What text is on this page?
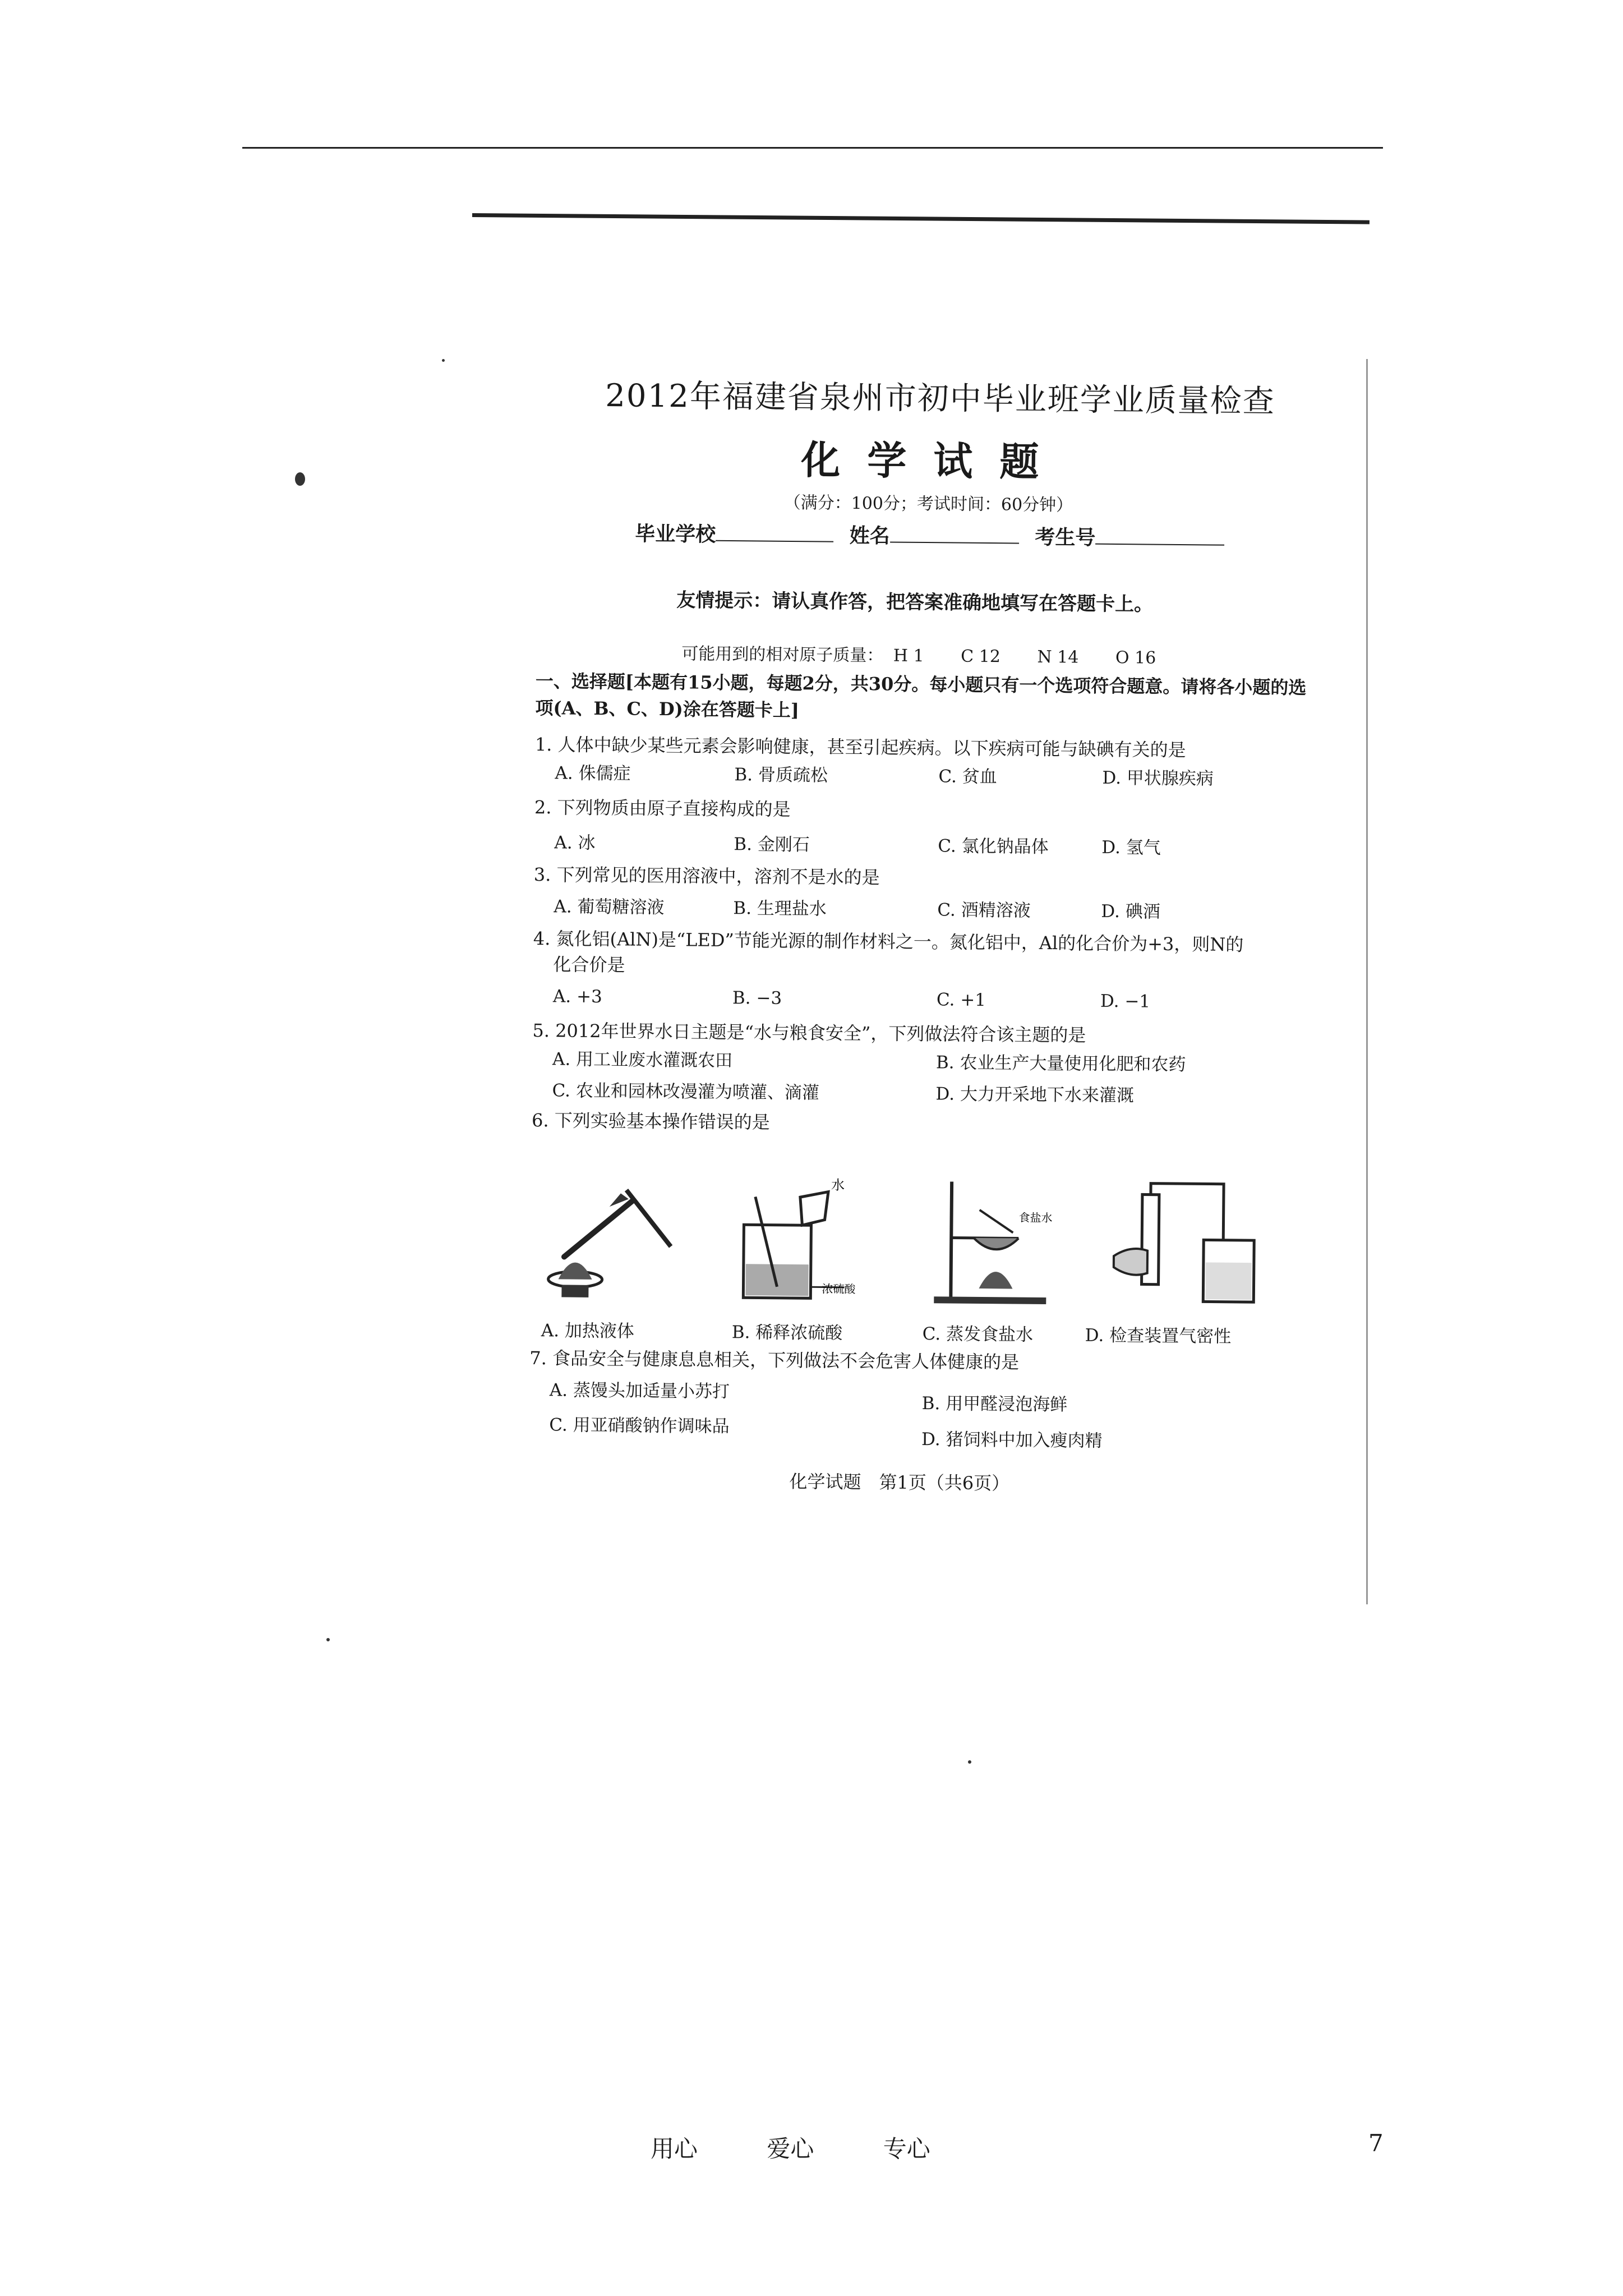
2012年福建省泉州市初中毕业班学业质量检查
化学试题
（满分：100分；考试时间：60分钟）
毕业学校	姓名	考生号
友情提示：请认真作答，把答案准确地填写在答题卡上。
可能用到的相对原子质量： H 1 C 12 N 14 O 16
一、选择题[本题有15小题，每题2分，共30分。每小题只有一个选项符合题意。请将各小题的选项(A、B、C、D)涂在答题卡上]
1. 人体中缺少某些元素会影响健康，甚至引起疾病。以下疾病可能与缺碘有关的是
A. 侏儒症	B. 骨质疏松	C. 贫血	D. 甲状腺疾病
2. 下列物质由原子直接构成的是
A. 冰	B. 金刚石	C. 氯化钠晶体	D. 氢气
3. 下列常见的医用溶液中，溶剂不是水的是
A. 葡萄糖溶液	B. 生理盐水	C. 酒精溶液	D. 碘酒
4. 氮化铝(AlN)是“LED”节能光源的制作材料之一。氮化铝中，Al的化合价为+3，则N的
化合价是
A. +3	B. −3	C. +1	D. −1
5. 2012年世界水日主题是“水与粮食安全”，下列做法符合该主题的是
A. 用工业废水灌溉农田	B. 农业生产大量使用化肥和农药
C. 农业和园林改漫灌为喷灌、滴灌	D. 大力开采地下水来灌溉
6. 下列实验基本操作错误的是
水
浓硫酸
食盐水
A. 加热液体	B. 稀释浓硫酸	C. 蒸发食盐水	D. 检查装置气密性
7. 食品安全与健康息息相关，下列做法不会危害人体健康的是
A. 蒸馒头加适量小苏打
B. 用甲醛浸泡海鲜
C. 用亚硝酸钠作调味品
D. 猪饲料中加入瘦肉精
化学试题　第1页（共6页）
用心	爱心	专心	7
